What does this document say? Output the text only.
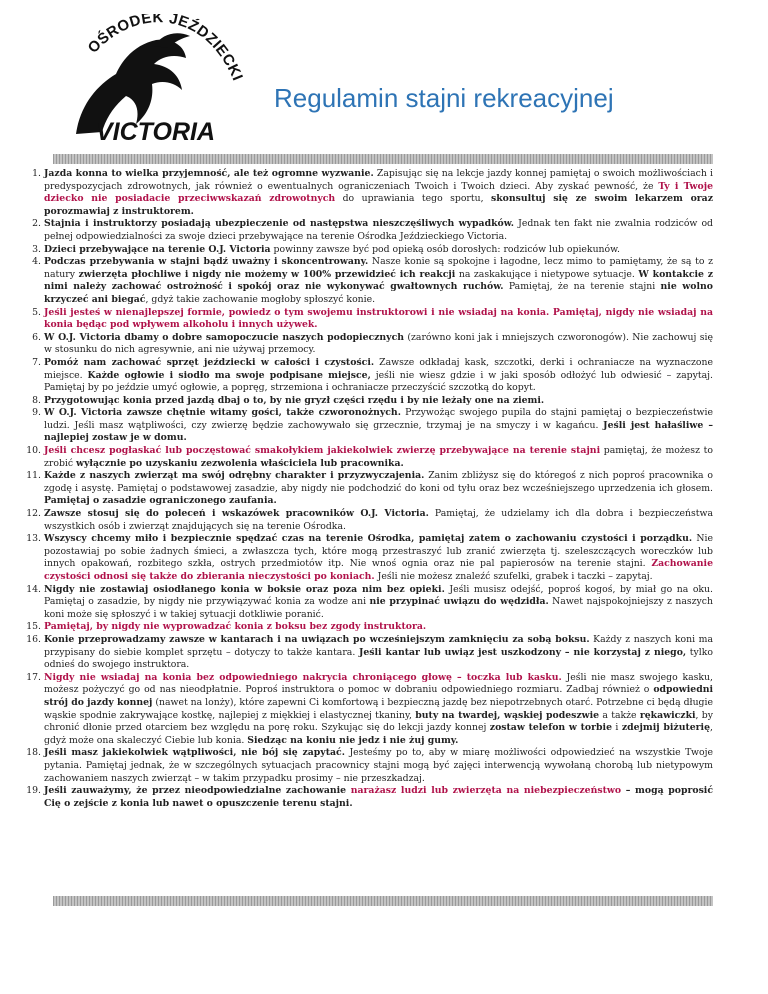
OŚRODEK JEŹDZIECKI
VICTORIA
Regulamin stajni rekreacyjnej
1. Jazda konna to wielka przyjemność, ale też ogromne wyzwanie. Zapisując się na lekcje jazdy konnej pamiętaj o swoich możliwościach i predyspozycjach zdrowotnych, jak również o ewentualnych ograniczeniach Twoich i Twoich dzieci. Aby zyskać pewność, że Ty i Twoje dziecko nie posiadacie przeciwwskazań zdrowotnych do uprawiania tego sportu, skonsultuj się ze swoim lekarzem oraz porozmawiaj z instruktorem.
2. Stajnia i instruktorzy posiadają ubezpieczenie od następstwa nieszczęśliwych wypadków. Jednak ten fakt nie zwalnia rodziców od pełnej odpowiedzialności za swoje dzieci przebywające na terenie Ośrodka Jeździeckiego Victoria.
3. Dzieci przebywające na terenie O.J. Victoria powinny zawsze być pod opieką osób dorosłych: rodziców lub opiekunów.
4. Podczas przebywania w stajni bądź uważny i skoncentrowany. Nasze konie są spokojne i łagodne, lecz mimo to pamiętamy, że są to z natury zwierzęta płochliwe i nigdy nie możemy w 100% przewidzieć ich reakcji na zaskakujące i nietypowe sytuacje. W kontakcie z nimi należy zachować ostrożność i spokój oraz nie wykonywać gwałtownych ruchów. Pamiętaj, że na terenie stajni nie wolno krzyczeć ani biegać, gdyż takie zachowanie mogłoby spłoszyć konie.
5. Jeśli jesteś w nienajlepszej formie, powiedz o tym swojemu instruktorowi i nie wsiadaj na konia. Pamiętaj, nigdy nie wsiadaj na konia będąc pod wpływem alkoholu i innych używek.
6. W O.J. Victoria dbamy o dobre samopoczucie naszych podopiecznych (zarówno koni jak i mniejszych czworonogów). Nie zachowuj się w stosunku do nich agresywnie, ani nie używaj przemocy.
7. Pomóż nam zachować sprzęt jeździecki w całości i czystości. Zawsze odkładaj kask, szczotki, derki i ochraniacze na wyznaczone miejsce. Każde ogłowie i siodło ma swoje podpisane miejsce, jeśli nie wiesz gdzie i w jaki sposób odłożyć lub odwiesić – zapytaj. Pamiętaj by po jeździe umyć ogłowie, a popręg, strzemiona i ochraniacze przeczyścić szczotką do kopyt.
8. Przygotowując konia przed jazdą dbaj o to, by nie gryzł części rzędu i by nie leżały one na ziemi.
9. W O.J. Victoria zawsze chętnie witamy gości, także czworonożnych. Przywożąc swojego pupila do stajni pamiętaj o bezpieczeństwie ludzi. Jeśli masz wątpliwości, czy zwierzę będzie zachowywało się grzecznie, trzymaj je na smyczy i w kagańcu. Jeśli jest hałaśliwe – najlepiej zostaw je w domu.
10. Jeśli chcesz pogłaskać lub poczęstować smakołykiem jakiekolwiek zwierzę przebywające na terenie stajni pamiętaj, że możesz to zrobić wyłącznie po uzyskaniu zezwolenia właściciela lub pracownika.
11. Każde z naszych zwierząt ma swój odrębny charakter i przyzwyczajenia. Zanim zbliżysz się do któregoś z nich poproś pracownika o zgodę i asystę. Pamiętaj o podstawowej zasadzie, aby nigdy nie podchodzić do koni od tyłu oraz bez wcześniejszego uprzedzenia ich głosem. Pamiętaj o zasadzie ograniczonego zaufania.
12. Zawsze stosuj się do poleceń i wskazówek pracowników O.J. Victoria. Pamiętaj, że udzielamy ich dla dobra i bezpieczeństwa wszystkich osób i zwierząt znajdujących się na terenie Ośrodka.
13. Wszyscy chcemy miło i bezpiecznie spędzać czas na terenie Ośrodka, pamiętaj zatem o zachowaniu czystości i porządku. Nie pozostawiaj po sobie żadnych śmieci, a zwłaszcza tych, które mogą przestraszyć lub zranić zwierzęta tj. szeleszczących woreczków lub innych opakowań, rozbitego szkła, ostrych przedmiotów itp. Nie wnoś ognia oraz nie pal papierosów na terenie stajni. Zachowanie czystości odnosi się także do zbierania nieczystości po koniach. Jeśli nie możesz znaleźć szufelki, grabek i taczki – zapytaj.
14. Nigdy nie zostawiaj osiodłanego konia w boksie oraz poza nim bez opieki. Jeśli musisz odejść, poproś kogoś, by miał go na oku. Pamiętaj o zasadzie, by nigdy nie przywiązywać konia za wodze ani nie przypinać uwiązu do wędzidła. Nawet najspokojniejszy z naszych koni może się spłoszyć i w takiej sytuacji dotkliwie poranić.
15. Pamiętaj, by nigdy nie wyprowadzać konia z boksu bez zgody instruktora.
16. Konie przeprowadzamy zawsze w kantarach i na uwiązach po wcześniejszym zamknięciu za sobą boksu. Każdy z naszych koni ma przypisany do siebie komplet sprzętu – dotyczy to także kantara. Jeśli kantar lub uwiąz jest uszkodzony – nie korzystaj z niego, tylko odnieś do swojego instruktora.
17. Nigdy nie wsiadaj na konia bez odpowiedniego nakrycia chroniącego głowę – toczka lub kasku. Jeśli nie masz swojego kasku, możesz pożyczyć go od nas nieodpłatnie. Poproś instruktora o pomoc w dobraniu odpowiedniego rozmiaru. Zadbaj również o odpowiedni strój do jazdy konnej (nawet na lonży), które zapewni Ci komfortową i bezpieczną jazdę bez niepotrzebnych otarć. Potrzebne ci będą długie wąskie spodnie zakrywające kostkę, najlepiej z miękkiej i elastycznej tkaniny, buty na twardej, wąskiej podeszwie a także rękawiczki, by chronić dłonie przed otarciem bez względu na porę roku. Szykując się do lekcji jazdy konnej zostaw telefon w torbie i zdejmij biżuterię, gdyż może ona skaleczyć Ciebie lub konia. Siedząc na koniu nie jedz i nie żuj gumy.
18. Jeśli masz jakiekolwiek wątpliwości, nie bój się zapytać. Jesteśmy po to, aby w miarę możliwości odpowiedzieć na wszystkie Twoje pytania. Pamiętaj jednak, że w szczególnych sytuacjach pracownicy stajni mogą być zajęci interwencją wywołaną chorobą lub nietypowym zachowaniem naszych zwierząt – w takim przypadku prosimy – nie przeszkadzaj.
19. Jeśli zauważymy, że przez nieodpowiedzialne zachowanie narażasz ludzi lub zwierzęta na niebezpieczeństwo – mogą poprosić Cię o zejście z konia lub nawet o opuszczenie terenu stajni.
